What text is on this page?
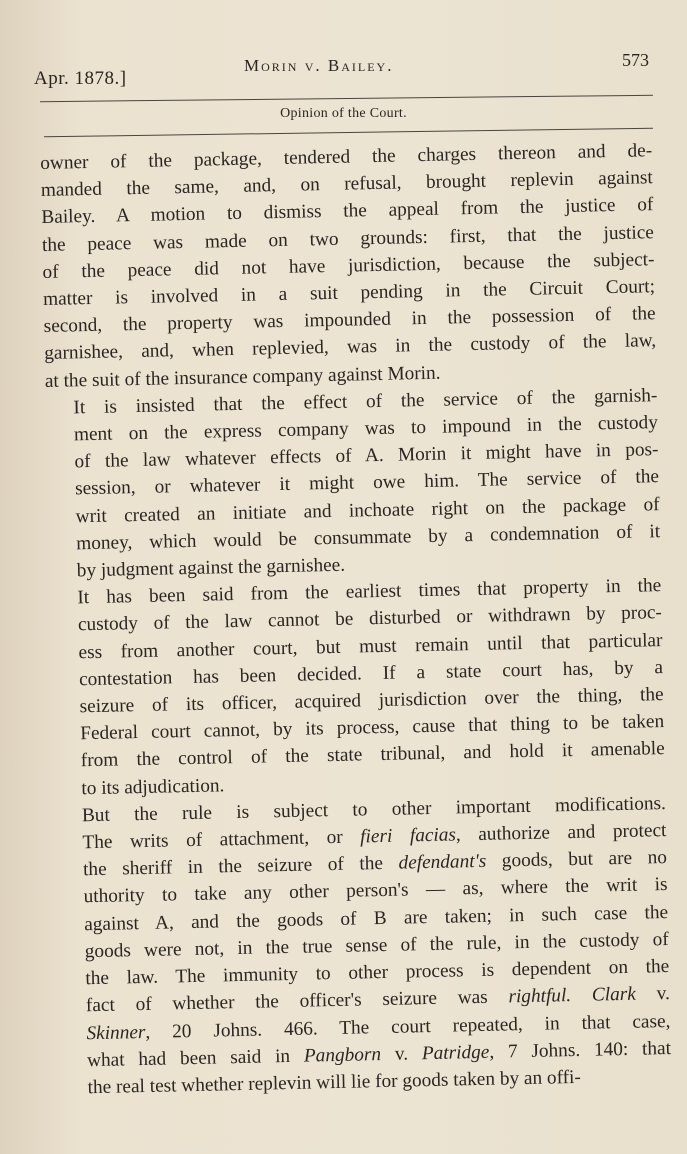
Apr. 1878.]
Morin v. Bailey.	573
Opinion of the Court.

owner of the package, tendered the charges thereon and de-
manded the same, and, on refusal, brought replevin against
Bailey. A motion to dismiss the appeal from the justice of
the peace was made on two grounds: first, that the justice
of the peace did not have jurisdiction, because the subject-
matter is involved in a suit pending in the Circuit Court;
second, the property was impounded in the possession of the
garnishee, and, when replevied, was in the custody of the law,
at the suit of the insurance company against Morin.

It is insisted that the effect of the service of the garnish-
ment on the express company was to impound in the custody
of the law whatever effects of A. Morin it might have in pos-
session, or whatever it might owe him. The service of the
writ created an initiate and inchoate right on the package of
money, which would be consummate by a condemnation of it
by judgment against the garnishee.

It has been said from the earliest times that property in the
custody of the law cannot be disturbed or withdrawn by proc-
ess from another court, but must remain until that particular
contestation has been decided. If a state court has, by a
seizure of its officer, acquired jurisdiction over the thing, the
Federal court cannot, by its process, cause that thing to be taken
from the control of the state tribunal, and hold it amenable
to its adjudication.

But the rule is subject to other important modifications.
The writs of attachment, or fieri facias, authorize and protect
the sheriff in the seizure of the defendant's goods, but are no
uthority to take any other person's — as, where the writ is
against A, and the goods of B are taken; in such case the
goods were not, in the true sense of the rule, in the custody of
the law. The immunity to other process is dependent on the
fact of whether the officer's seizure was rightful. Clark v.
Skinner, 20 Johns. 466. The court repeated, in that case,
what had been said in Pangborn v. Patridge, 7 Johns. 140: that
the real test whether replevin will lie for goods taken by an offi-
